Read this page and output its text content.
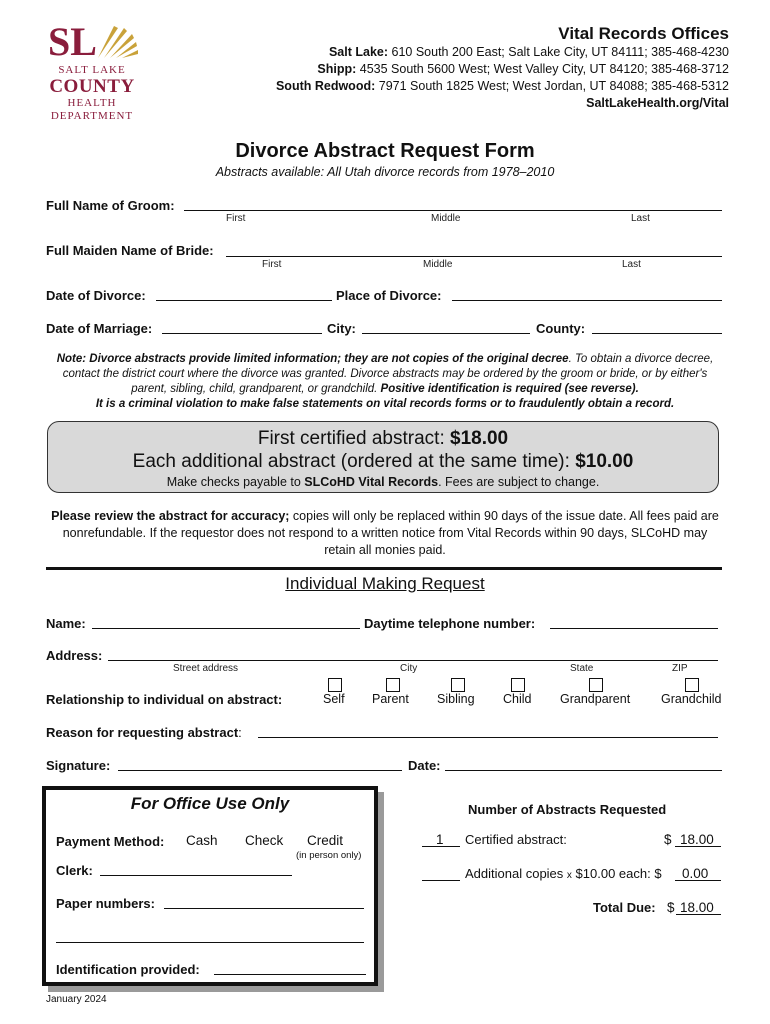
SL
SALT LAKE
COUNTY
HEALTH
DEPARTMENT
Vital Records Offices
Salt Lake: 610 South 200 East; Salt Lake City, UT 84111; 385-468-4230
Shipp: 4535 South 5600 West; West Valley City, UT 84120; 385-468-3712
South Redwood: 7971 South 1825 West; West Jordan, UT 84088; 385-468-5312
SaltLakeHealth.org/Vital
Divorce Abstract Request Form
Abstracts available: All Utah divorce records from 1978–2010
Full Name of Groom:
First	Middle	Last
Full Maiden Name of Bride:
First	Middle	Last
Date of Divorce:	Place of Divorce:
Date of Marriage:	City:	County:
Note: Divorce abstracts provide limited information; they are not copies of the original decree. To obtain a divorce decree, contact the district court where the divorce was granted. Divorce abstracts may be ordered by the groom or bride, or by either's parent, sibling, child, grandparent, or grandchild. Positive identification is required (see reverse).
It is a criminal violation to make false statements on vital records forms or to fraudulently obtain a record.
First certified abstract: $18.00
Each additional abstract (ordered at the same time): $10.00
Make checks payable to SLCoHD Vital Records. Fees are subject to change.
Please review the abstract for accuracy; copies will only be replaced within 90 days of the issue date. All fees paid are nonrefundable. If the requestor does not respond to a written notice from Vital Records within 90 days, SLCoHD may retain all monies paid.
Individual Making Request
Name:	Daytime telephone number:
Address:
Street address	City	State	ZIP
Relationship to individual on abstract:	Self Parent Sibling Child Grandparent Grandchild
Reason for requesting abstract:
Signature:	Date:
For Office Use Only
Payment Method: Cash Check Credit
(in person only)
Clerk:
Paper numbers:
Identification provided:
Number of Abstracts Requested
1 Certified abstract:	$ 18.00
Additional copies x $10.00 each: $ 0.00
Total Due: $ 18.00
January 2024
